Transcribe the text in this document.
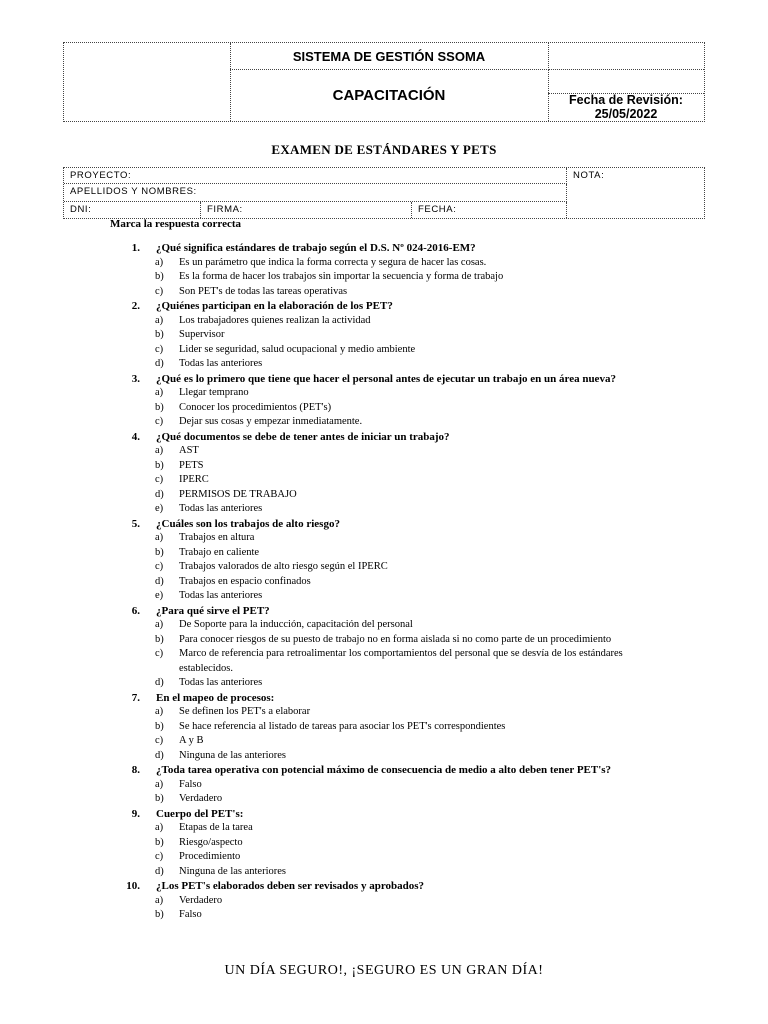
SISTEMA DE GESTIÓN SSOMA
CAPACITACIÓN	Fecha de Revisión:
25/05/2022
EXAMEN DE ESTÁNDARES Y PETS
PROYECTO:
APELLIDOS Y NOMBRES:
DNI:	FIRMA:	FECHA:
NOTA:
Marca la respuesta correcta
1. ¿Qué significa estándares de trabajo según el D.S. Nº 024-2016-EM?
a) Es un parámetro que indica la forma correcta y segura de hacer las cosas.
b) Es la forma de hacer los trabajos sin importar la secuencia y forma de trabajo
c) Son PET's de todas las tareas operativas
2. ¿Quiénes participan en la elaboración de los PET?
a) Los trabajadores quienes realizan la actividad
b) Supervisor
c) Lider se seguridad, salud ocupacional y medio ambiente
d) Todas las anteriores
3. ¿Qué es lo primero que tiene que hacer el personal antes de ejecutar un trabajo en un área nueva?
a) Llegar temprano
b) Conocer los procedimientos (PET's)
c) Dejar sus cosas y empezar inmediatamente.
4. ¿Qué documentos se debe de tener antes de iniciar un trabajo?
a) AST
b) PETS
c) IPERC
d) PERMISOS DE TRABAJO
e) Todas las anteriores
5. ¿Cuáles son los trabajos de alto riesgo?
a) Trabajos en altura
b) Trabajo en caliente
c) Trabajos valorados de alto riesgo según el IPERC
d) Trabajos en espacio confinados
e) Todas las anteriores
6. ¿Para qué sirve el PET?
a) De Soporte para la inducción, capacitación del personal
b) Para conocer riesgos de su puesto de trabajo no en forma aislada si no como parte de un procedimiento
c) Marco de referencia para retroalimentar los comportamientos del personal que se desvía de los estándares establecidos.
d) Todas las anteriores
7. En el mapeo de procesos:
a) Se definen los PET's a elaborar
b) Se hace referencia al listado de tareas para asociar los PET's correspondientes
c) A y B
d) Ninguna de las anteriores
8. ¿Toda tarea operativa con potencial máximo de consecuencia de medio a alto deben tener PET's?
a) Falso
b) Verdadero
9. Cuerpo del PET's:
a) Etapas de la tarea
b) Riesgo/aspecto
c) Procedimiento
d) Ninguna de las anteriores
10. ¿Los PET's elaborados deben ser revisados y aprobados?
a) Verdadero
b) Falso
UN DÍA SEGURO!, ¡SEGURO ES UN GRAN DÍA!
